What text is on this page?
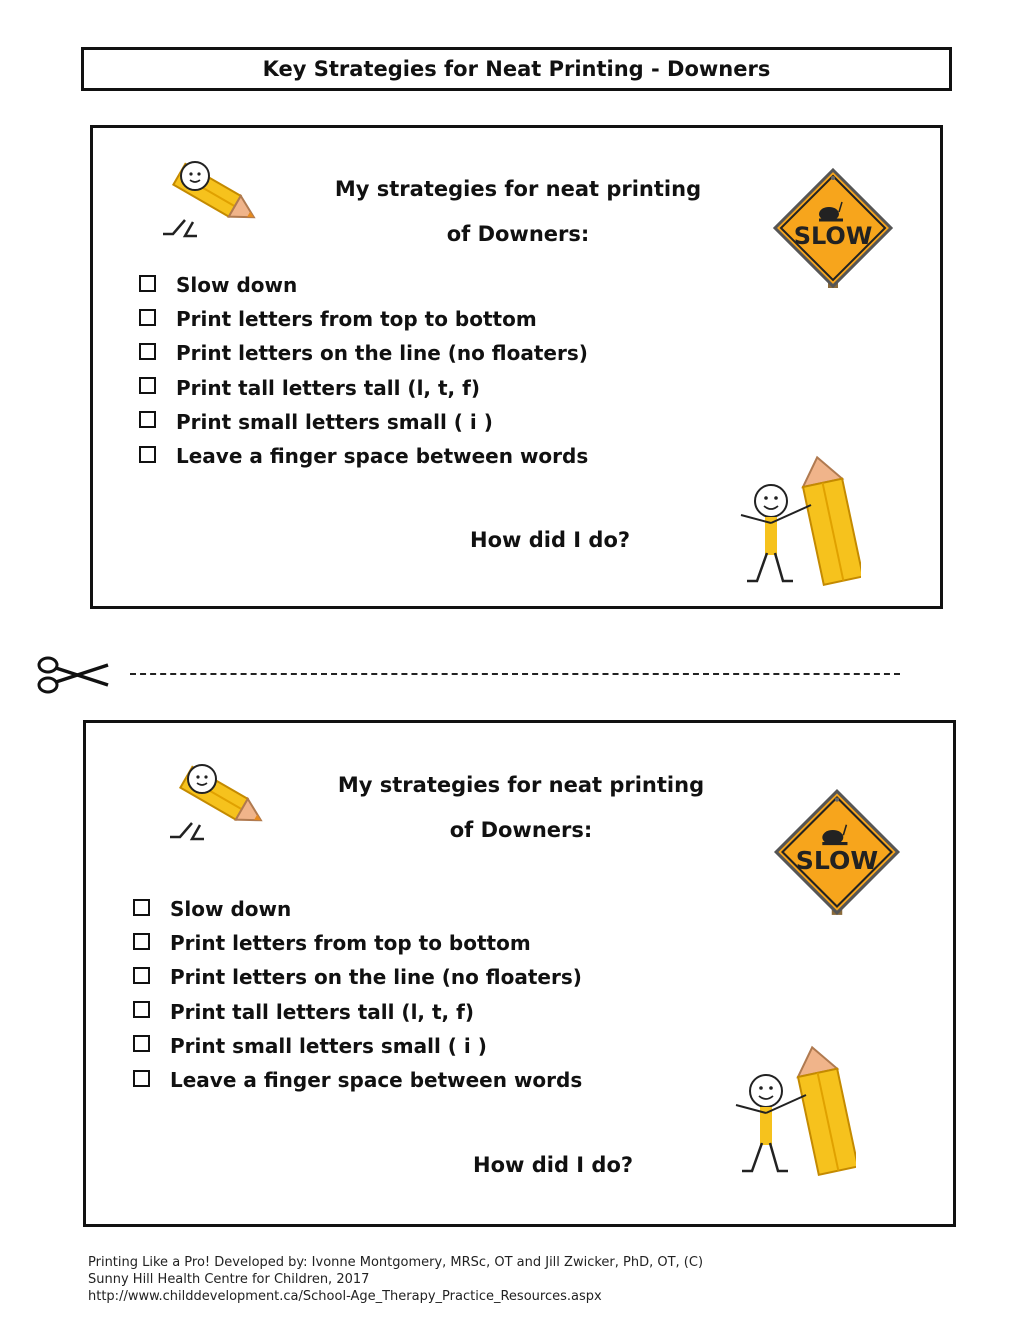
Key Strategies for Neat Printing - Downers
My strategies for neat printing
of Downers:	SLOW
Slow down
Print letters from top to bottom
Print letters on the line (no floaters)
Print tall letters tall (l, t, f)
Print small letters small ( i )
Leave a finger space between words
How did I do?
My strategies for neat printing
of Downers:
SLOW
Slow down
Print letters from top to bottom
Print letters on the line (no floaters)
Print tall letters tall (l, t, f)
Print small letters small ( i )
Leave a finger space between words
How did I do?
Printing Like a Pro! Developed by: Ivonne Montgomery, MRSc, OT and Jill Zwicker, PhD, OT, (C)
Sunny Hill Health Centre for Children, 2017
http://www.childdevelopment.ca/School-Age_Therapy_Practice_Resources.aspx
